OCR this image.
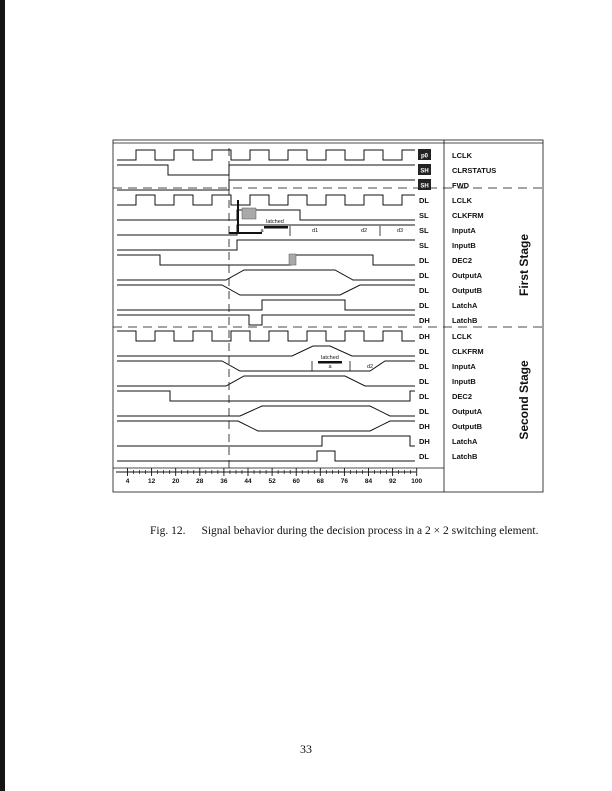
latched
a	d1	d2	d3
latched
a	d2
p0
SH
SH
DL
SL
SL
SL
DL
DL
DL
DL
DH
DH
DL
DL
DL
DL
DL
DH
DH
DL
LCLK
CLRSTATUS
FWD
LCLK
CLKFRM
InputA
InputB
DEC2
OutputA
OutputB
LatchA
LatchB
LCLK
CLKFRM
InputA
InputB
DEC2
OutputA
OutputB
LatchA
LatchB
4	12	20	28	36	44	52	60	68	76	84	92 100
First Stage
Second Stage
Fig. 12. Signal behavior during the decision process in a 2 × 2 switching element.
33
